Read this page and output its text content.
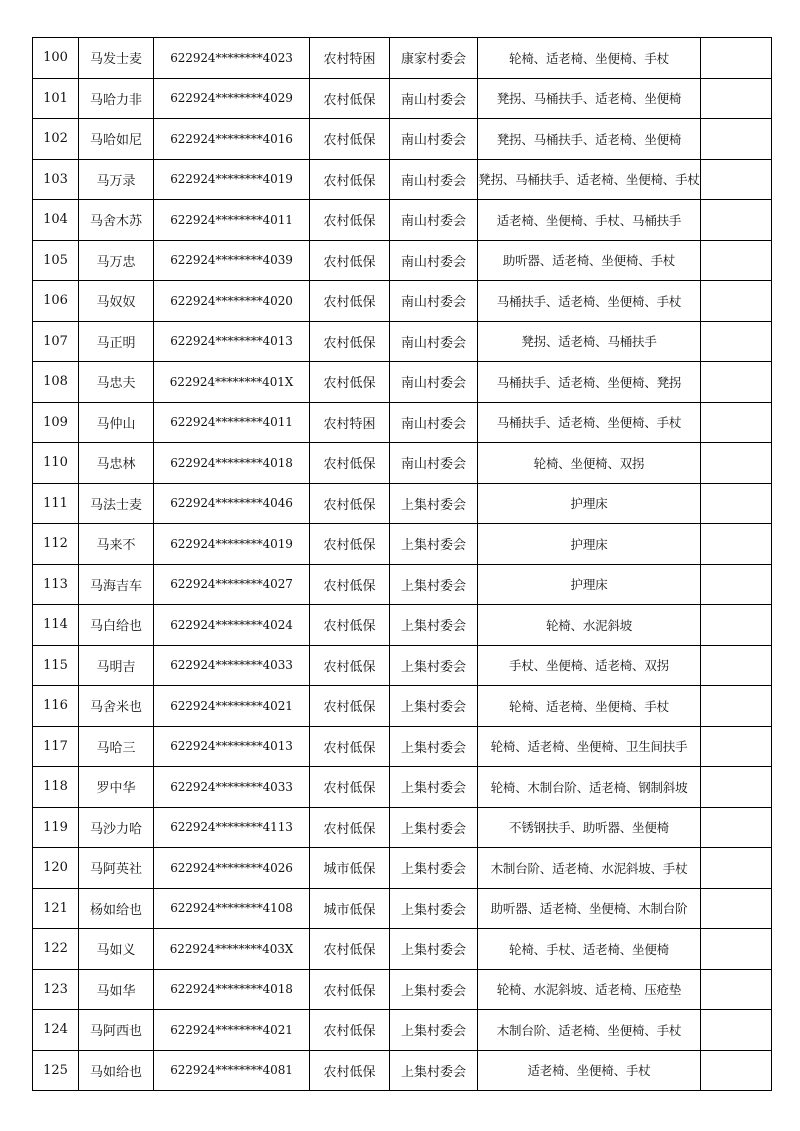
100	马发士麦	622924********4023	农村特困	康家村委会	轮椅、适老椅、坐便椅、手杖	
101	马哈力非	622924********4029	农村低保	南山村委会	凳拐、马桶扶手、适老椅、坐便椅	
102	马哈如尼	622924********4016	农村低保	南山村委会	凳拐、马桶扶手、适老椅、坐便椅	
103	马万录	622924********4019	农村低保	南山村委会	凳拐、马桶扶手、适老椅、坐便椅、手杖	
104	马舍木苏	622924********4011	农村低保	南山村委会	适老椅、坐便椅、手杖、马桶扶手	
105	马万忠	622924********4039	农村低保	南山村委会	助听器、适老椅、坐便椅、手杖	
106	马奴奴	622924********4020	农村低保	南山村委会	马桶扶手、适老椅、坐便椅、手杖	
107	马正明	622924********4013	农村低保	南山村委会	凳拐、适老椅、马桶扶手	
108	马忠夫	622924********401X	农村低保	南山村委会	马桶扶手、适老椅、坐便椅、凳拐	
109	马仲山	622924********4011	农村特困	南山村委会	马桶扶手、适老椅、坐便椅、手杖	
110	马忠林	622924********4018	农村低保	南山村委会	轮椅、坐便椅、双拐	
111	马法士麦	622924********4046	农村低保	上集村委会	护理床	
112	马来不	622924********4019	农村低保	上集村委会	护理床	
113	马海吉车	622924********4027	农村低保	上集村委会	护理床	
114	马白给也	622924********4024	农村低保	上集村委会	轮椅、水泥斜坡	
115	马明吉	622924********4033	农村低保	上集村委会	手杖、坐便椅、适老椅、双拐	
116	马舍米也	622924********4021	农村低保	上集村委会	轮椅、适老椅、坐便椅、手杖	
117	马哈三	622924********4013	农村低保	上集村委会	轮椅、适老椅、坐便椅、卫生间扶手	
118	罗中华	622924********4033	农村低保	上集村委会	轮椅、木制台阶、适老椅、钢制斜坡	
119	马沙力哈	622924********4113	农村低保	上集村委会	不锈钢扶手、助听器、坐便椅	
120	马阿英社	622924********4026	城市低保	上集村委会	木制台阶、适老椅、水泥斜坡、手杖	
121	杨如给也	622924********4108	城市低保	上集村委会	助听器、适老椅、坐便椅、木制台阶	
122	马如义	622924********403X	农村低保	上集村委会	轮椅、手杖、适老椅、坐便椅	
123	马如华	622924********4018	农村低保	上集村委会	轮椅、水泥斜坡、适老椅、压疮垫	
124	马阿西也	622924********4021	农村低保	上集村委会	木制台阶、适老椅、坐便椅、手杖	
125	马如给也	622924********4081	农村低保	上集村委会	适老椅、坐便椅、手杖	
